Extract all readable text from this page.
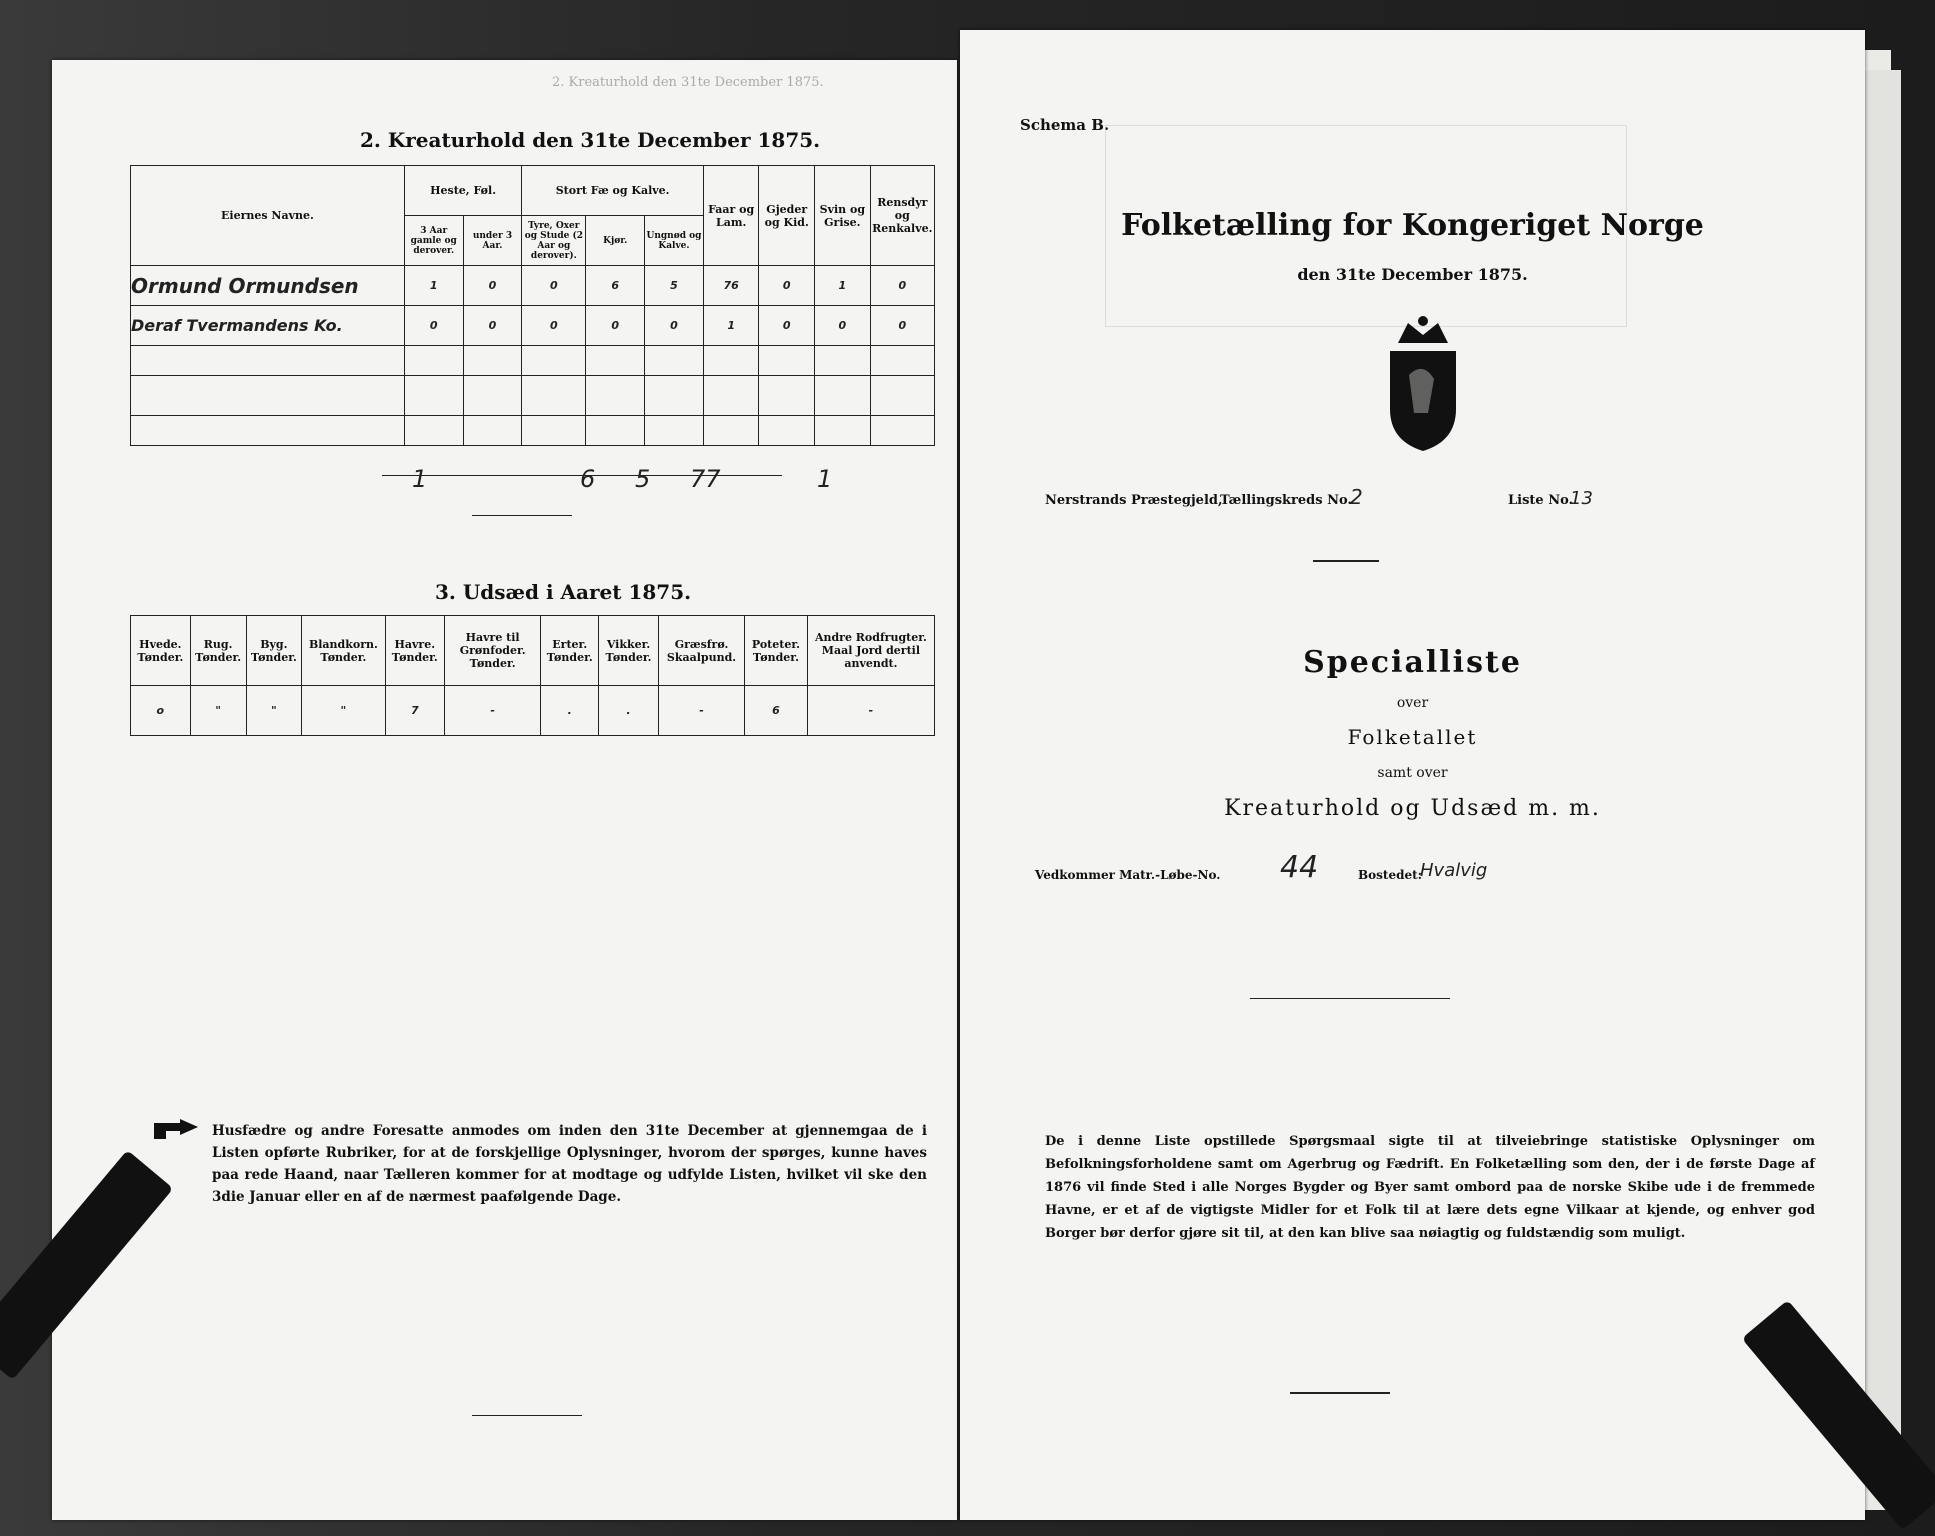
2. Kreaturhold den 31te December 1875.
2. Kreaturhold den 31te December 1875.
Eiernes Navne.	Heste, Føl.		Stort Fæ og Kalve.			Faar og Lam.	Gjeder og Kid.	Svin og Grise.	Rensdyr og Renkalve.
	3 Aar gamle og derover.	under 3 Aar.	Tyre, Oxer og Stude (2 Aar og derover).	Kjør.	Ungnød og Kalve.				
Ormund Ormundsen	1	0	0	6	5	76	0	1	0
Deraf Tvermandens Ko.	0	0	0	0	0	1	0	0	0

1	6 5 77	1
3. Udsæd i Aaret 1875.
Hvede. Tønder.	Rug. Tønder.	Byg. Tønder.	Blandkorn. Tønder.	Havre. Tønder.	Havre til Grønfoder. Tønder.	Erter. Tønder.	Vikker. Tønder.	Græsfrø. Skaalpund.	Poteter. Tønder.	Andre Rodfrugter. Maal Jord dertil anvendt.
o	"	"	"	7	-	.	.	-	6	-
Husfædre og andre Foresatte anmodes om inden den 31te December at gjennemgaa de i Listen opførte Rubriker, for at de forskjellige Oplysninger, hvorom der spørges, kunne haves paa rede Haand, naar Tælleren kommer for at modtage og udfylde Listen, hvilket vil ske den 3die Januar eller en af de nærmest paafølgende Dage.
Schema B.
Folketælling for Kongeriget Norge
den 31te December 1875.
Nerstrands Præstegjeld,
Tællingskreds No.
2	Liste No.
13
Specialliste
over
Folketallet
samt over
Kreaturhold og Udsæd m. m.
Vedkommer Matr.-Løbe-No. 44	Bostedet:
Hvalvig
De i denne Liste opstillede Spørgsmaal sigte til at tilveiebringe statistiske Oplysninger om Befolkningsforholdene samt om Agerbrug og Fædrift. En Folketælling som den, der i de første Dage af 1876 vil finde Sted i alle Norges Bygder og Byer samt ombord paa de norske Skibe ude i de fremmede Havne, er et af de vigtigste Midler for et Folk til at lære dets egne Vilkaar at kjende, og enhver god Borger bør derfor gjøre sit til, at den kan blive saa nøiagtig og fuldstændig som muligt.
